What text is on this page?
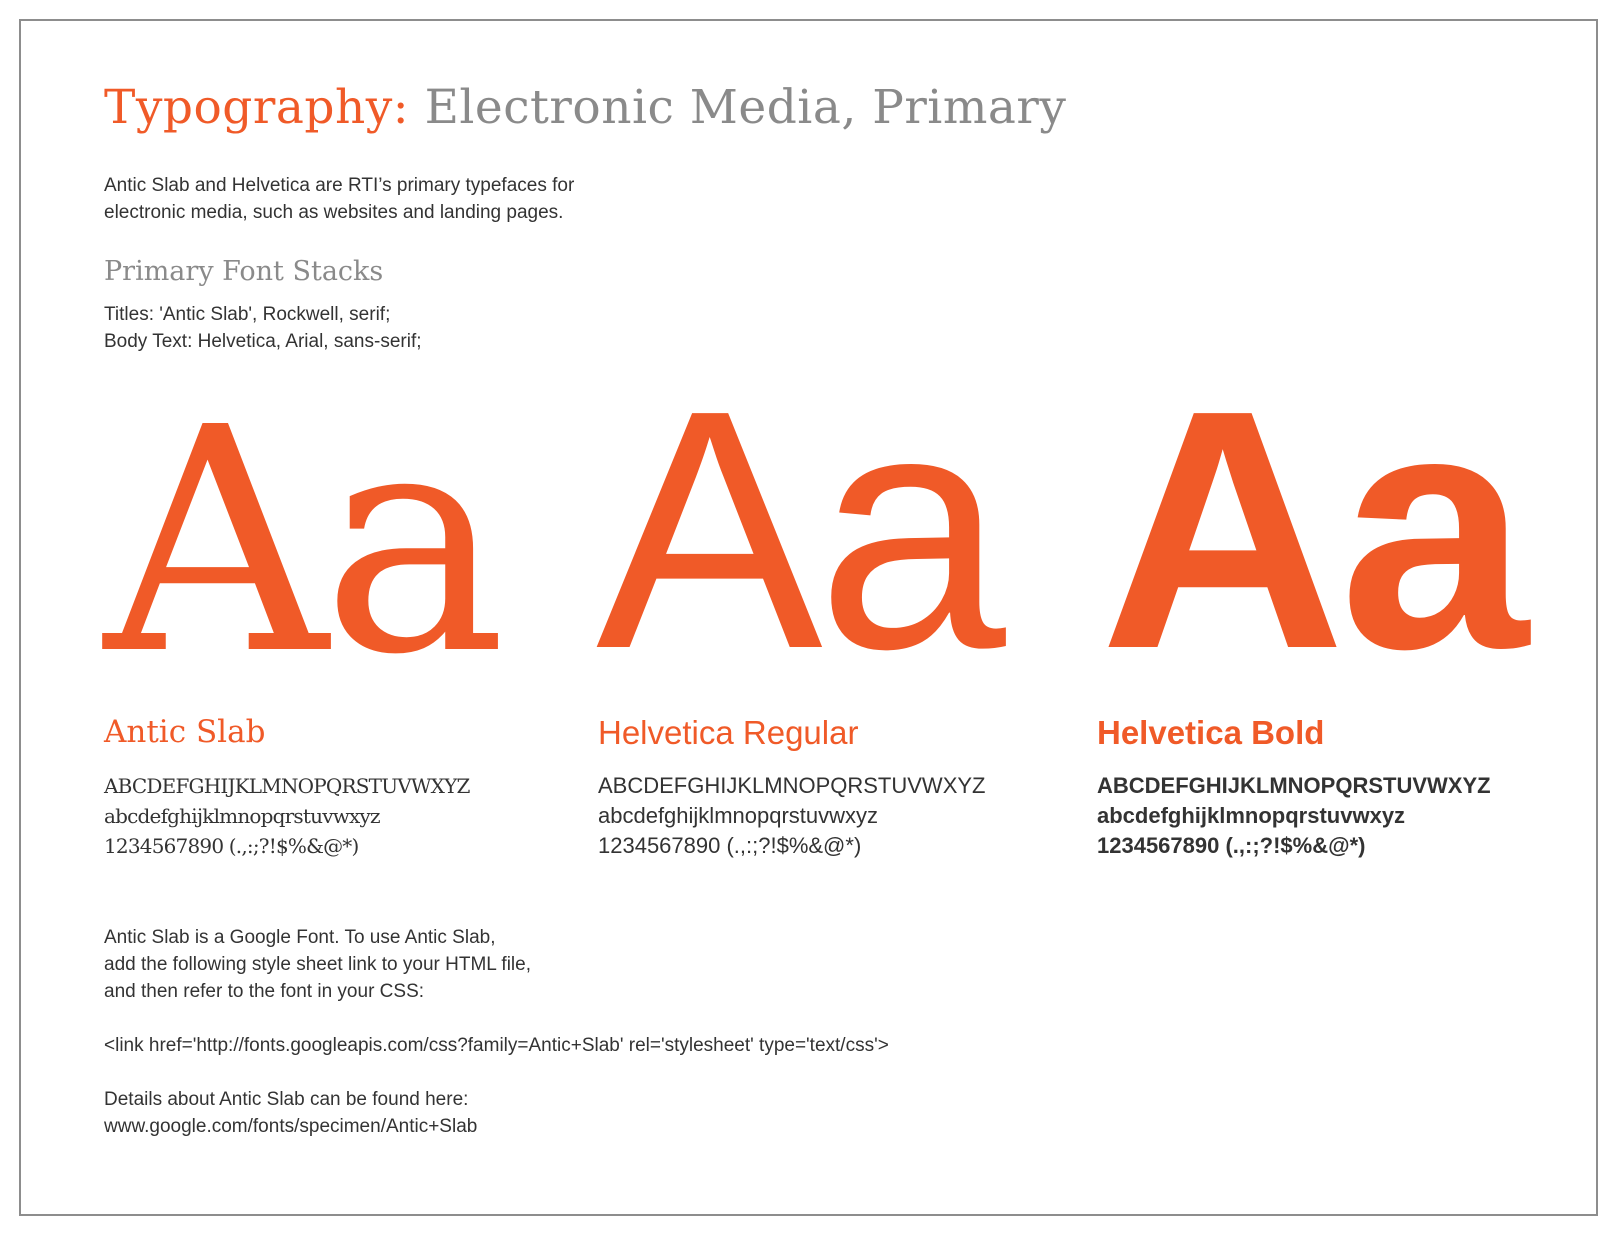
Typography: Electronic Media, Primary
Antic Slab and Helvetica are RTI’s primary typefaces for
electronic media, such as websites and landing pages.
Primary Font Stacks
Titles: 'Antic Slab', Rockwell, serif;
Body Text: Helvetica, Arial, sans-serif;
Aa Aa Aa
Antic Slab	Helvetica Regular	Helvetica Bold
ABCDEFGHIJKLMNOPQRSTUVWXYZ
abcdefghijklmnopqrstuvwxyz
1234567890 (.,:;?!$%&@*)
ABCDEFGHIJKLMNOPQRSTUVWXYZ
abcdefghijklmnopqrstuvwxyz
1234567890 (.,:;?!$%&@*)
ABCDEFGHIJKLMNOPQRSTUVWXYZ
abcdefghijklmnopqrstuvwxyz
1234567890 (.,:;?!$%&@*)
Antic Slab is a Google Font. To use Antic Slab,
add the following style sheet link to your HTML file,
and then refer to the font in your CSS:
<link href='http://fonts.googleapis.com/css?family=Antic+Slab' rel='stylesheet' type='text/css'>
Details about Antic Slab can be found here:
www.google.com/fonts/specimen/Antic+Slab
